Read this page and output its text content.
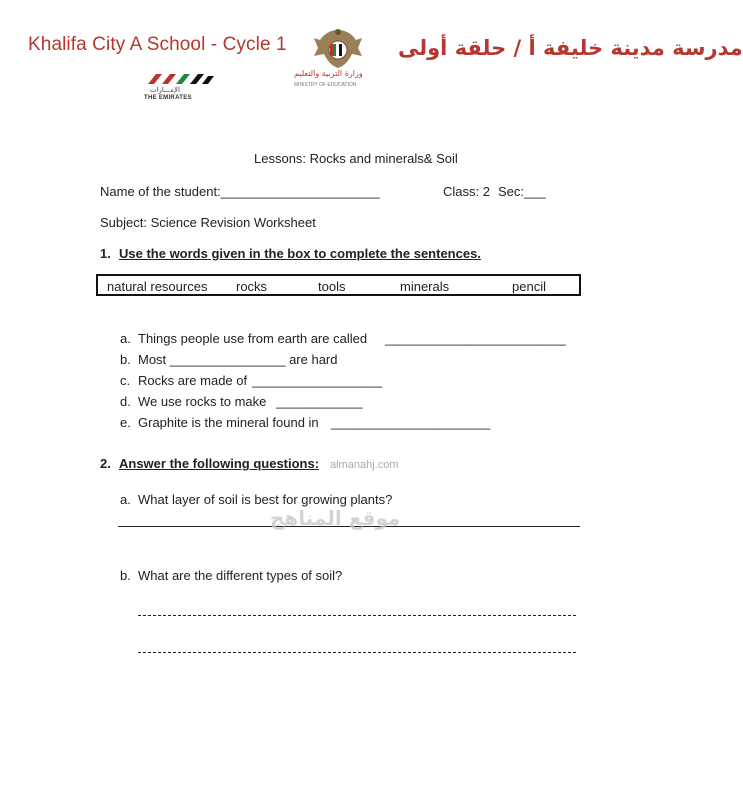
Khalifa City A School - Cycle 1
وزارة التربية والتعليم
MINISTRY OF EDUCATION
مدرسة مدينة خليفة أ / حلقة أولى
الإمـــارات
THE EMIRATES
Lessons: Rocks and minerals& Soil
Name of the student:______________________	Class: 2 Sec:___
Subject: Science Revision Worksheet
1. Use the words given in the box to complete the sentences.
natural resources rocks	tools	minerals	pencil
a. Things people use from earth are called _________________________
b. Most ________________ are hard
c. Rocks are made of __________________
d. We use rocks to make ____________
e. Graphite is the mineral found in ______________________
2. Answer the following questions:
a. What layer of soil is best for growing plants?
b. What are the different types of soil?
almanahj.com
موقع المناهج
